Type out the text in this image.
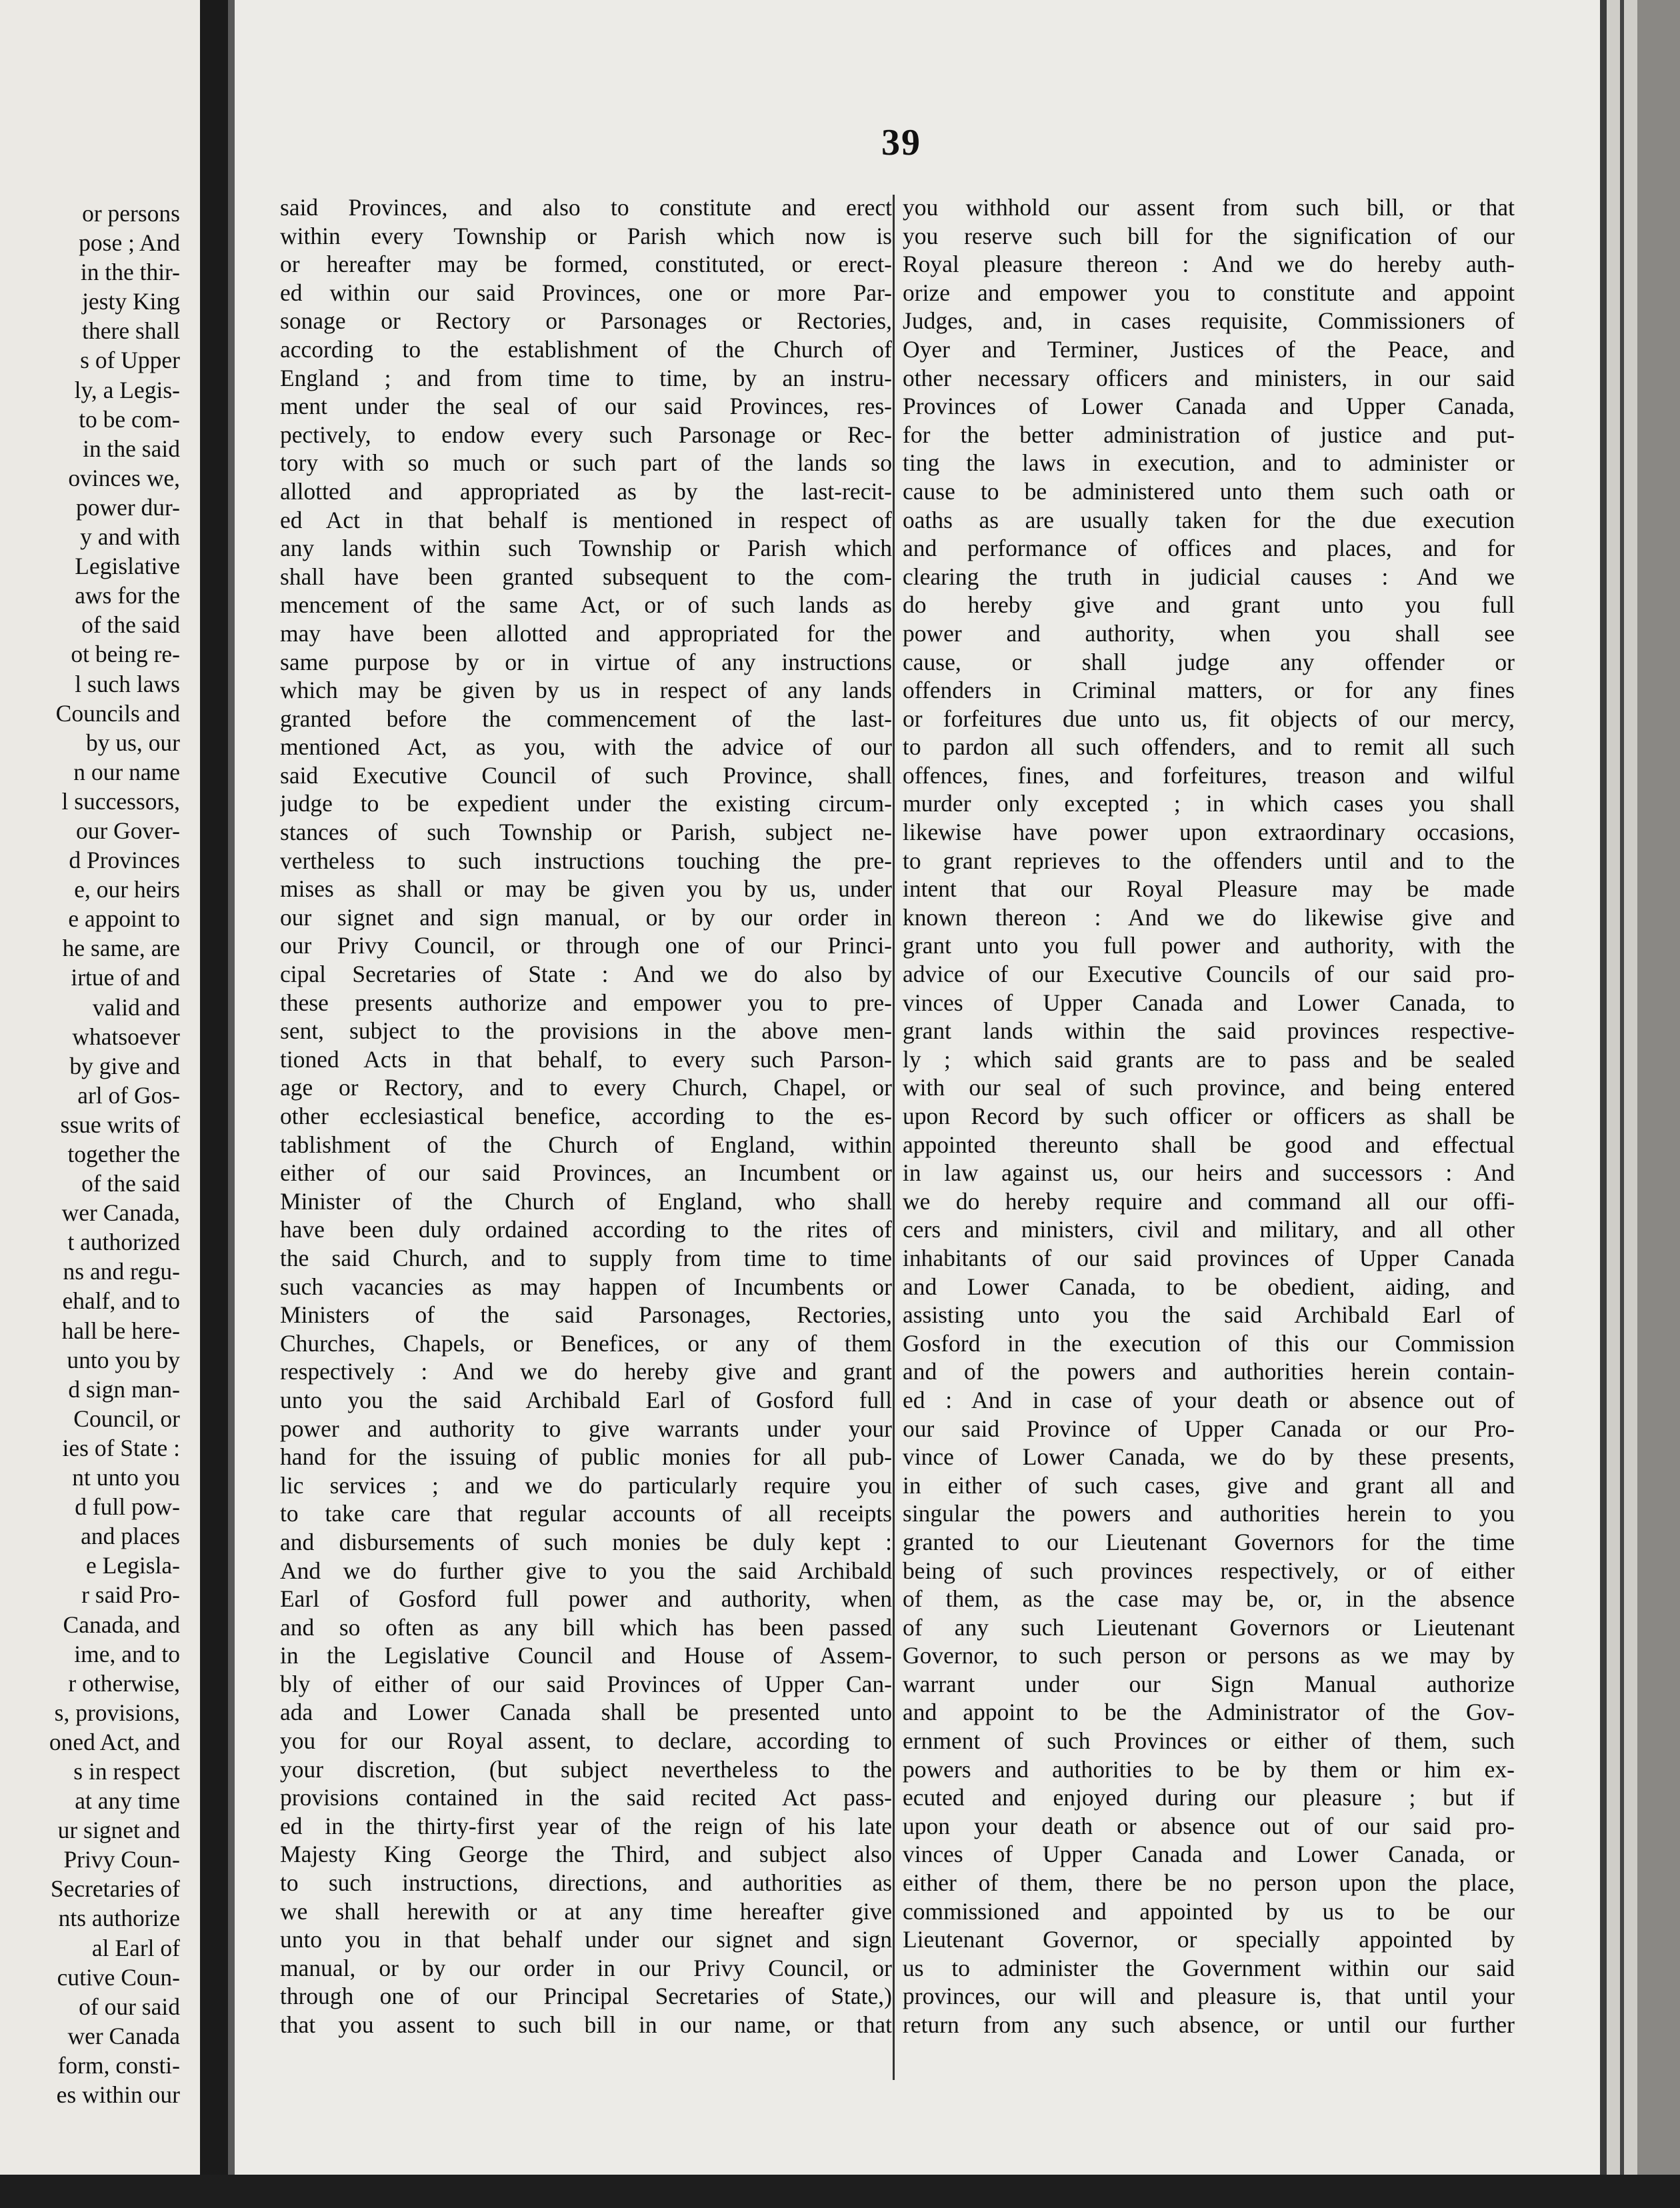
or persons
pose ; And
in the thir-
jesty King
there shall
s of Upper
ly, a Legis-
to be com-
in the said
ovinces we,
power dur-
y and with
Legislative
aws for the
of the said
ot being re-
l such laws
Councils and
by us, our
n our name
l successors,
our Gover-
d Provinces
e, our heirs
e appoint to
he same, are
irtue of and
valid and
whatsoever
by give and
arl of Gos-
ssue writs of
together the
of the said
wer Canada,
t authorized
ns and regu-
ehalf, and to
hall be here-
unto you by
d sign man-
Council, or
ies of State :
nt unto you
d full pow-
and places
e Legisla-
r said Pro-
Canada, and
ime, and to
r otherwise,
s, provisions,
oned Act, and
s in respect
at any time
ur signet and
Privy Coun-
Secretaries of
nts authorize
al Earl of
cutive Coun-
of our said
wer Canada
form, consti-
es within our
39
said Provinces, and also to constitute and erect
within every Township or Parish which now is
or hereafter may be formed, constituted, or erect-
ed within our said Provinces, one or more Par-
sonage or Rectory or Parsonages or Rectories,
according to the establishment of the Church of
England ; and from time to time, by an instru-
ment under the seal of our said Provinces, res-
pectively, to endow every such Parsonage or Rec-
tory with so much or such part of the lands so
allotted and appropriated as by the last-recit-
ed Act in that behalf is mentioned in respect of
any lands within such Township or Parish which
shall have been granted subsequent to the com-
mencement of the same Act, or of such lands as
may have been allotted and appropriated for the
same purpose by or in virtue of any instructions
which may be given by us in respect of any lands
granted before the commencement of the last-
mentioned Act, as you, with the advice of our
said Executive Council of such Province, shall
judge to be expedient under the existing circum-
stances of such Township or Parish, subject ne-
vertheless to such instructions touching the pre-
mises as shall or may be given you by us, under
our signet and sign manual, or by our order in
our Privy Council, or through one of our Princi-
cipal Secretaries of State : And we do also by
these presents authorize and empower you to pre-
sent, subject to the provisions in the above men-
tioned Acts in that behalf, to every such Parson-
age or Rectory, and to every Church, Chapel, or
other ecclesiastical benefice, according to the es-
tablishment of the Church of England, within
either of our said Provinces, an Incumbent or
Minister of the Church of England, who shall
have been duly ordained according to the rites of
the said Church, and to supply from time to time
such vacancies as may happen of Incumbents or
Ministers of the said Parsonages, Rectories,
Churches, Chapels, or Benefices, or any of them
respectively : And we do hereby give and grant
unto you the said Archibald Earl of Gosford full
power and authority to give warrants under your
hand for the issuing of public monies for all pub-
lic services ; and we do particularly require you
to take care that regular accounts of all receipts
and disbursements of such monies be duly kept :
And we do further give to you the said Archibald
Earl of Gosford full power and authority, when
and so often as any bill which has been passed
in the Legislative Council and House of Assem-
bly of either of our said Provinces of Upper Can-
ada and Lower Canada shall be presented unto
you for our Royal assent, to declare, according to
your discretion, (but subject nevertheless to the
provisions contained in the said recited Act pass-
ed in the thirty-first year of the reign of his late
Majesty King George the Third, and subject also
to such instructions, directions, and authorities as
we shall herewith or at any time hereafter give
unto you in that behalf under our signet and sign
manual, or by our order in our Privy Council, or
through one of our Principal Secretaries of State,)
that you assent to such bill in our name, or that
you withhold our assent from such bill, or that
you reserve such bill for the signification of our
Royal pleasure thereon : And we do hereby auth-
orize and empower you to constitute and appoint
Judges, and, in cases requisite, Commissioners of
Oyer and Terminer, Justices of the Peace, and
other necessary officers and ministers, in our said
Provinces of Lower Canada and Upper Canada,
for the better administration of justice and put-
ting the laws in execution, and to administer or
cause to be administered unto them such oath or
oaths as are usually taken for the due execution
and performance of offices and places, and for
clearing the truth in judicial causes : And we
do hereby give and grant unto you full
power and authority, when you shall see
cause, or shall judge any offender or
offenders in Criminal matters, or for any fines
or forfeitures due unto us, fit objects of our mercy,
to pardon all such offenders, and to remit all such
offences, fines, and forfeitures, treason and wilful
murder only excepted ; in which cases you shall
likewise have power upon extraordinary occasions,
to grant reprieves to the offenders until and to the
intent that our Royal Pleasure may be made
known thereon : And we do likewise give and
grant unto you full power and authority, with the
advice of our Executive Councils of our said pro-
vinces of Upper Canada and Lower Canada, to
grant lands within the said provinces respective-
ly ; which said grants are to pass and be sealed
with our seal of such province, and being entered
upon Record by such officer or officers as shall be
appointed thereunto shall be good and effectual
in law against us, our heirs and successors : And
we do hereby require and command all our offi-
cers and ministers, civil and military, and all other
inhabitants of our said provinces of Upper Canada
and Lower Canada, to be obedient, aiding, and
assisting unto you the said Archibald Earl of
Gosford in the execution of this our Commission
and of the powers and authorities herein contain-
ed : And in case of your death or absence out of
our said Province of Upper Canada or our Pro-
vince of Lower Canada, we do by these presents,
in either of such cases, give and grant all and
singular the powers and authorities herein to you
granted to our Lieutenant Governors for the time
being of such provinces respectively, or of either
of them, as the case may be, or, in the absence
of any such Lieutenant Governors or Lieutenant
Governor, to such person or persons as we may by
warrant under our Sign Manual authorize
and appoint to be the Administrator of the Gov-
ernment of such Provinces or either of them, such
powers and authorities to be by them or him ex-
ecuted and enjoyed during our pleasure ; but if
upon your death or absence out of our said pro-
vinces of Upper Canada and Lower Canada, or
either of them, there be no person upon the place,
commissioned and appointed by us to be our
Lieutenant Governor, or specially appointed by
us to administer the Government within our said
provinces, our will and pleasure is, that until your
return from any such absence, or until our further
